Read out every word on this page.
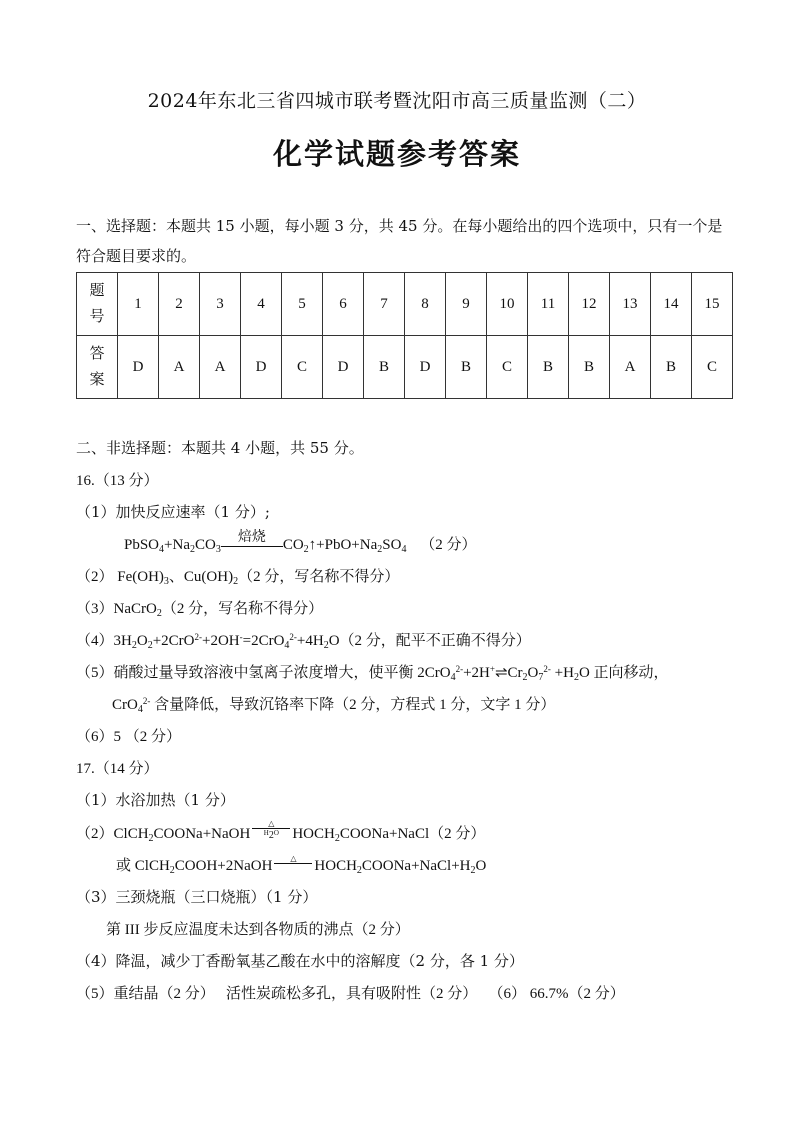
2024年东北三省四城市联考暨沈阳市高三质量监测（二）
化学试题参考答案
一、选择题：本题共 15 小题，每小题 3 分，共 45 分。在每小题给出的四个选项中，只有一个是符合题目要求的。
题号	1	2	3	4	5	6	7	8	9	10	11	12	13	14	15
答案	D	A	A	D	C	D	B	D	B	C	B	B	A	B	C
二、非选择题：本题共 4 小题，共 55 分。
16.（13 分）
（1）加快反应速率（1 分）;
$PbSO_4+Na_2CO_3$
焙烧	$CO_2↑+PbO+Na_2SO_4$ （2 分）
（2） $Fe(OH)_3$、$Cu(OH)_2(2$ 分，写名称不得分）
（3）NaCrO$_2$（2 分，写名称不得分）
$(4)3H_2O_2+2CrO^{2-}+2OH^-=2CrO_4^{2-}+4H_2O(2$ 分，配平不正确不得分）
（5）硝酸过量导致溶液中氢离子浓度增大，使平衡 $2CrO_4^{2-}+2H^+\rightleftharpoons Cr_2O_7^{2-} +H_2O$ 正向移动，
CrO$_4^{2-}$ 含量降低，导致沉铬率下降（2 分，方程式 1 分，文字 1 分）
（6）5 （2 分）
17.（14 分）
（1）水浴加热（1 分）
（2）ClCH$_2$COONa+NaOH
△
$H_2O$ $HOCH_2COONa+NaCl(2$ 分）
或 ClCH$_2$COOH+2NaOH	△	$HOCH_2COONa+NaCl+H_2O$
（3）三颈烧瓶（三口烧瓶）（1 分）
第 III 步反应温度未达到各物质的沸点（2 分）
（4）降温，减少丁香酚氧基乙酸在水中的溶解度（2 分，各 1 分）
（5）重结晶（2 分）　 活性炭疏松多孔，具有吸附性（2 分）　 （6） 66.7%（2 分）
